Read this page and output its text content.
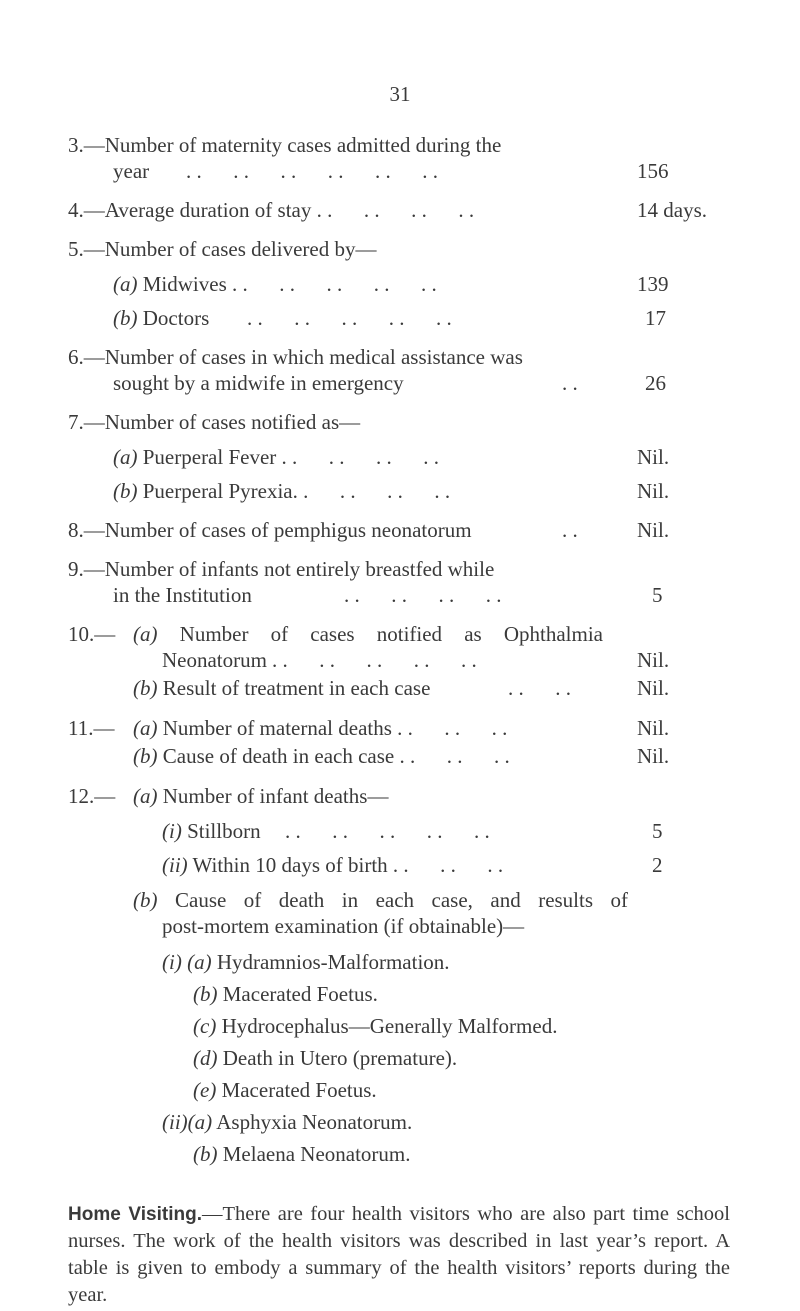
31
3.—Number of maternity cases admitted during the
year . .      . .      . .      . .      . .      . .	156
4.—Average duration of stay . .      . .      . .      . .	14 days.
5.—Number of cases delivered by—
(a) Midwives . .      . .      . .      . .      . .	139
(b) Doctors . .      . .      . .      . .      . .	17
6.—Number of cases in which medical assistance was
sought by a midwife in emergency	. .	26
7.—Number of cases notified as—
(a) Puerperal Fever . .      . .      . .      . .	Nil.
(b) Puerperal Pyrexia. .      . .      . .      . .	Nil.
8.—Number of cases of pemphigus neonatorum	. .	Nil.
9.—Number of infants not entirely breastfed while
in the Institution	. .      . .      . .      . .	5
10.— (a) Number of cases notified as Ophthalmia
Neonatorum . .      . .      . .      . .      . .	Nil.
(b) Result of treatment in each case	. .      . .	Nil.
11.— (a) Number of maternal deaths . .      . .      . .	Nil.
(b) Cause of death in each case . .      . .      . .	Nil.
12.— (a) Number of infant deaths—
(i) Stillborn . .      . .      . .      . .      . .	5
(ii) Within 10 days of birth . .      . .      . .	2
(b) Cause of death in each case, and results of
post-mortem examination (if obtainable)—
(i) (a) Hydramnios-Malformation.
(b) Macerated Foetus.
(c) Hydrocephalus—Generally Malformed.
(d) Death in Utero (premature).
(e) Macerated Foetus.
(ii)(a) Asphyxia Neonatorum.
(b) Melaena Neonatorum.
Home Visiting.—There are four health visitors who are also part time school nurses. The work of the health visitors was described in last year’s report. A table is given to embody a summary of the health visitors’ reports during the year.
